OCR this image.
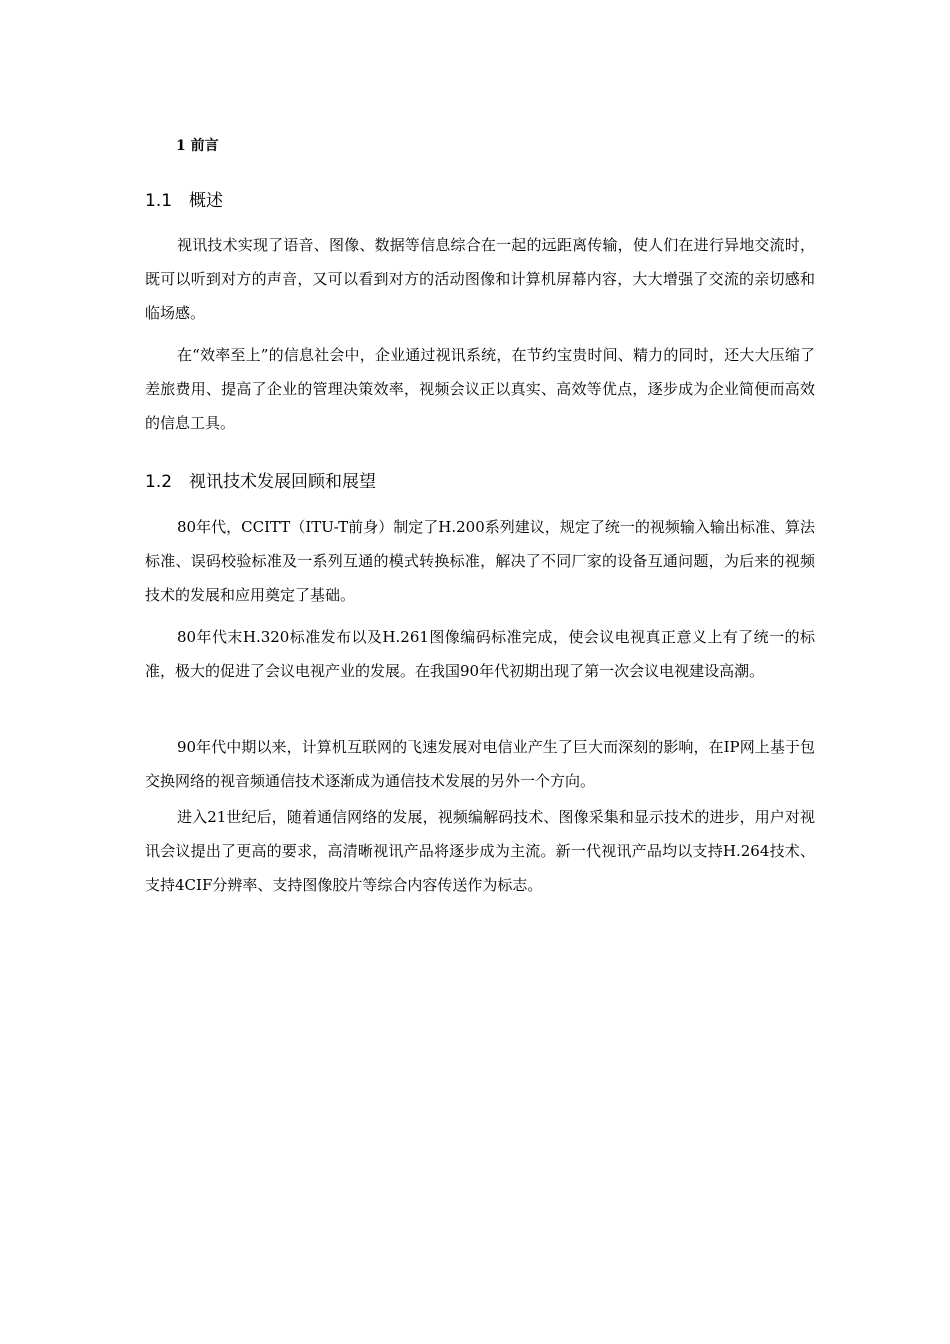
1 前言
1.1 概述

视讯技术实现了语音、图像、数据等信息综合在一起的远距离传输，使人们在进行异地交流时，既可以听到对方的声音，又可以看到对方的活动图像和计算机屏幕内容，大大增强了交流的亲切感和临场感。

在“效率至上”的信息社会中，企业通过视讯系统，在节约宝贵时间、精力的同时，还大大压缩了差旅费用、提高了企业的管理决策效率，视频会议正以真实、高效等优点，逐步成为企业简便而高效的信息工具。

1.2 视讯技术发展回顾和展望

80年代，CCITT（ITU-T前身）制定了H.200系列建议，规定了统一的视频输入输出标准、算法标准、误码校验标准及一系列互通的模式转换标准，解决了不同厂家的设备互通问题，为后来的视频技术的发展和应用奠定了基础。

80年代末H.320标准发布以及H.261图像编码标准完成，使会议电视真正意义上有了统一的标准，极大的促进了会议电视产业的发展。在我国90年代初期出现了第一次会议电视建设高潮。

90年代中期以来，计算机互联网的飞速发展对电信业产生了巨大而深刻的影响，在IP网上基于包交换网络的视音频通信技术逐渐成为通信技术发展的另外一个方向。

进入21世纪后，随着通信网络的发展，视频编解码技术、图像采集和显示技术的进步，用户对视讯会议提出了更高的要求，高清晰视讯产品将逐步成为主流。新一代视讯产品均以支持H.264技术、支持4CIF分辨率、支持图像胶片等综合内容传送作为标志。
